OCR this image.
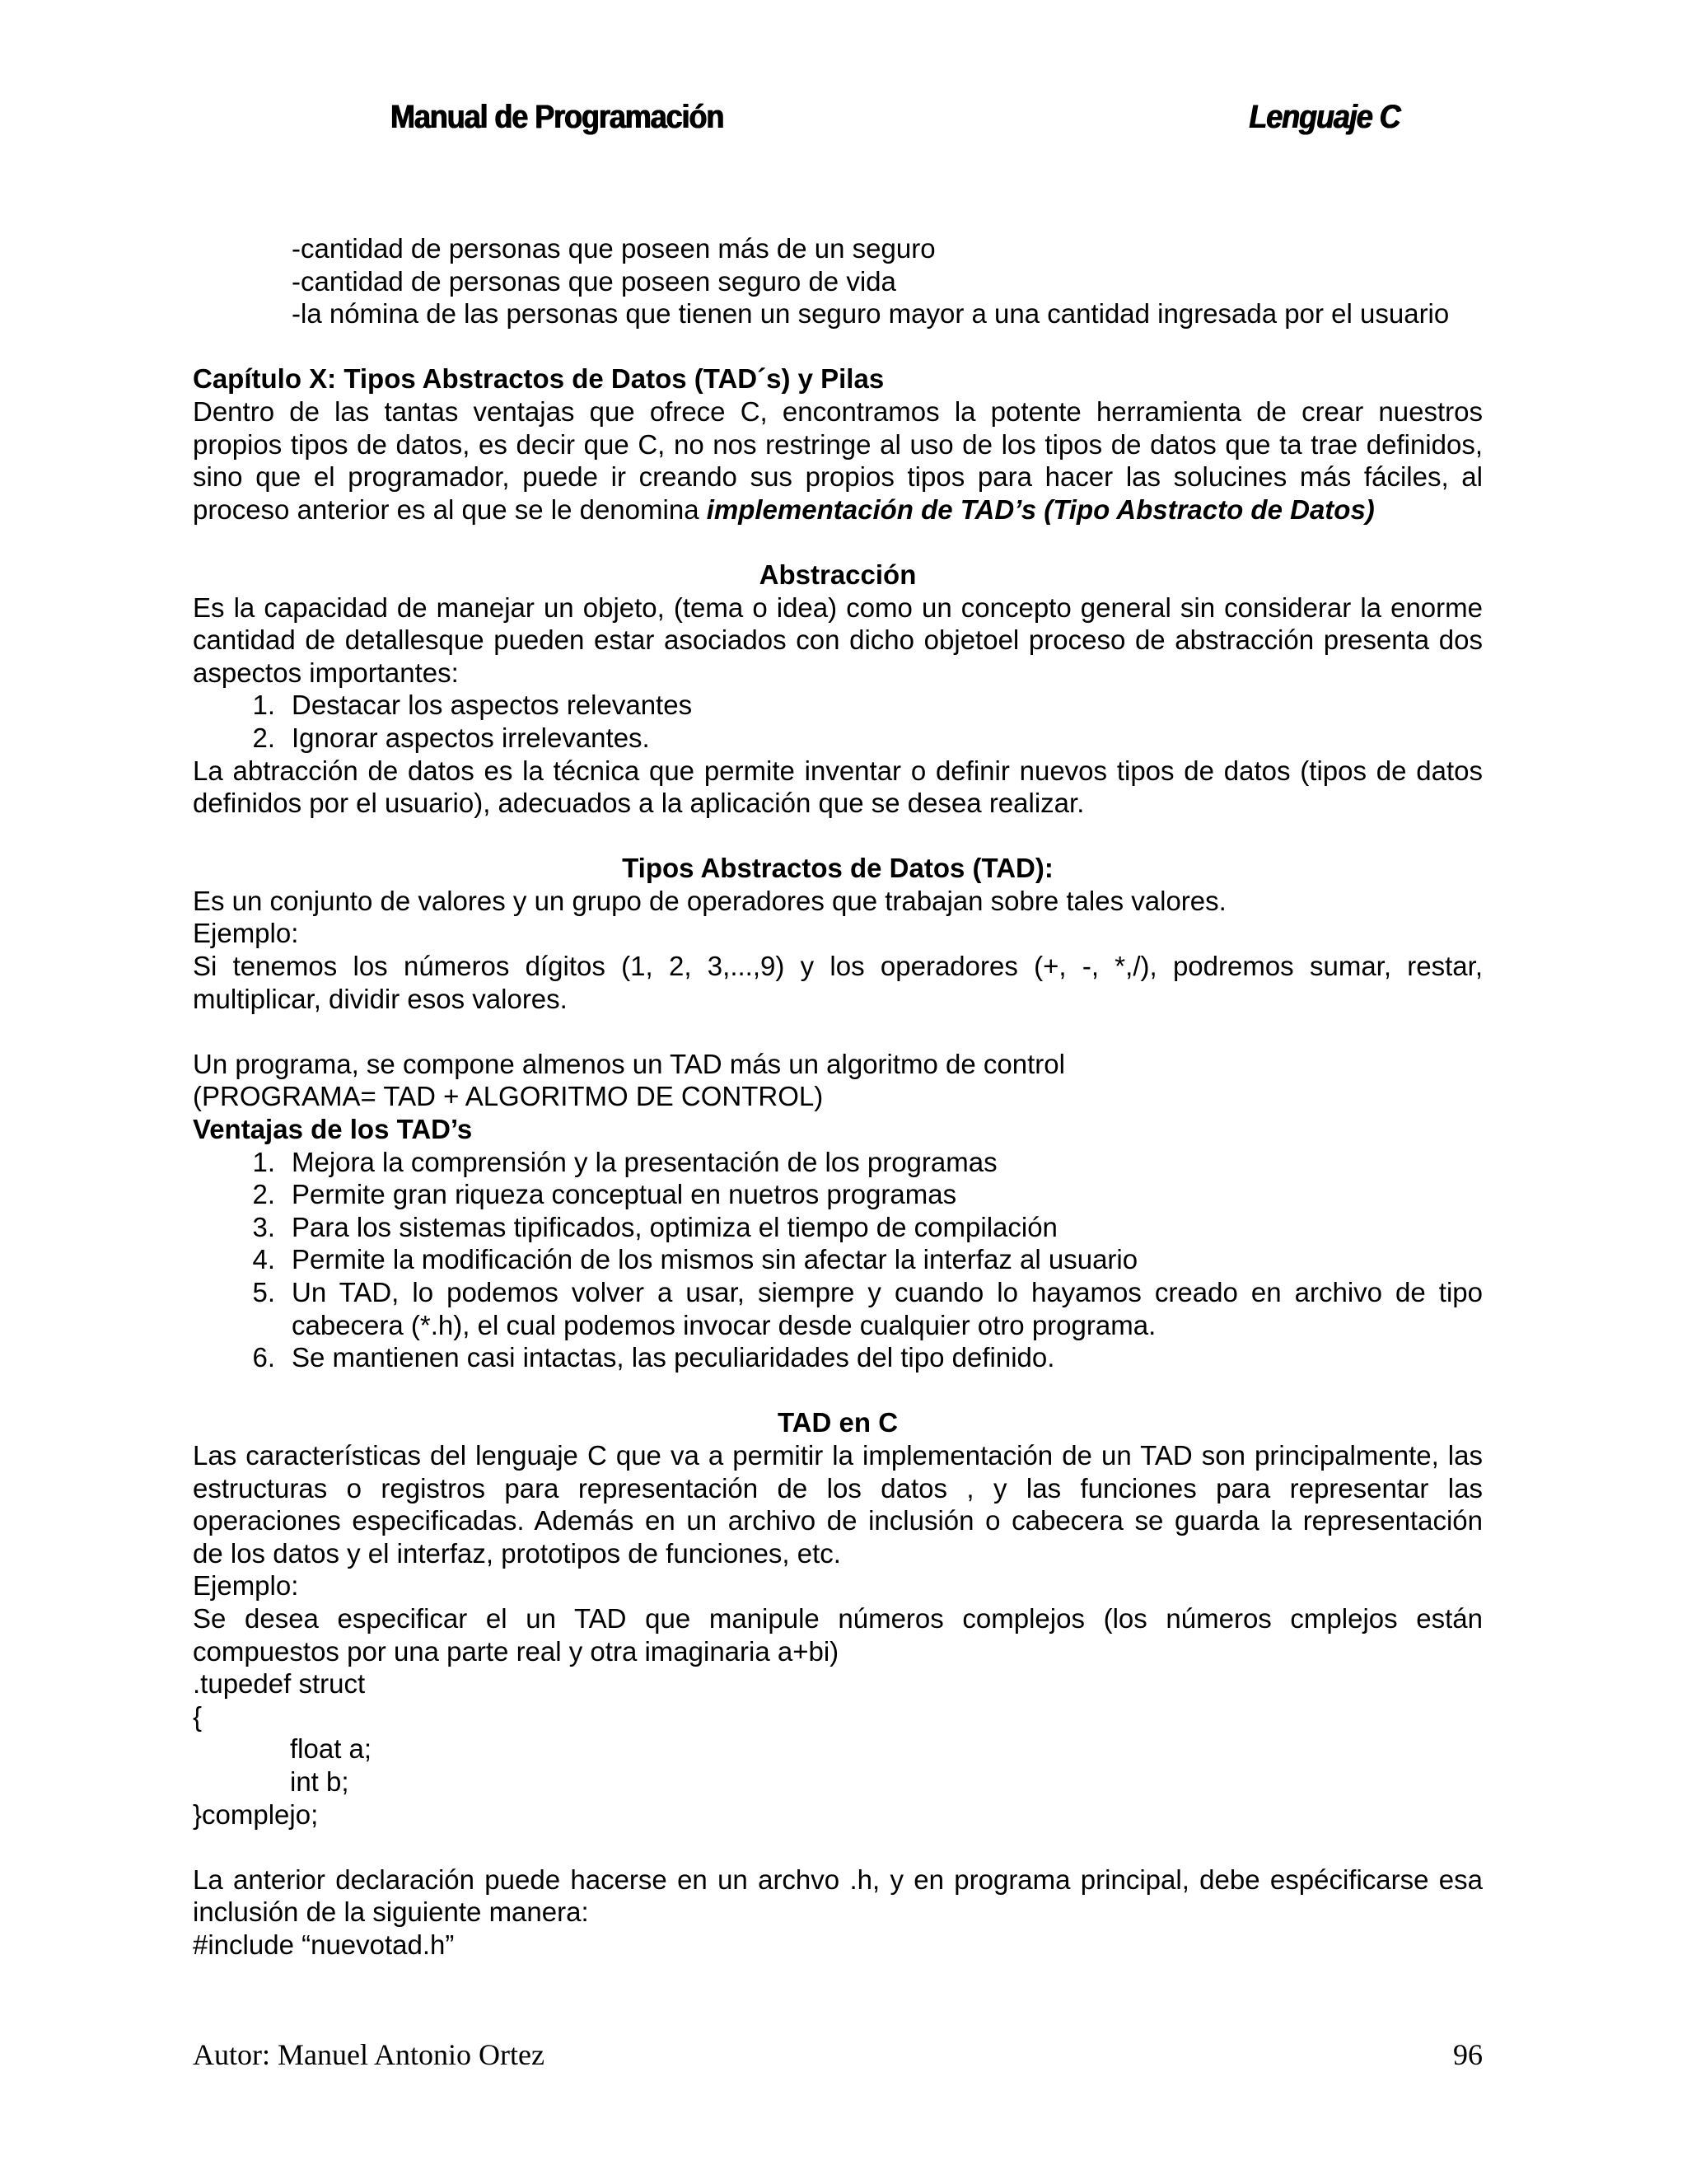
Manual de Programación	Lenguaje C

-cantidad de personas que poseen más de un seguro

-cantidad de personas que poseen seguro de vida

-la nómina de las personas que tienen un seguro mayor a una cantidad ingresada por el usuario

Capítulo X: Tipos Abstractos de Datos (TAD´s) y Pilas

Dentro de las tantas ventajas que ofrece C, encontramos la potente herramienta de crear nuestros

propios tipos de datos, es decir que C, no nos restringe al uso de los tipos de datos que ta trae definidos,

sino que el programador, puede ir creando sus propios tipos para hacer las solucines más fáciles, al

proceso anterior es al que se le denomina implementación de TAD’s (Tipo Abstracto de Datos)

Abstracción

Es la capacidad de manejar un objeto, (tema o idea) como un concepto general sin considerar la enorme

cantidad de detallesque pueden estar asociados con dicho objetoel proceso de abstracción presenta dos

aspectos importantes:

1. Destacar los aspectos relevantes
2. Ignorar aspectos irrelevantes.

La abtracción de datos es la técnica que permite inventar o definir nuevos tipos de datos (tipos de datos

definidos por el usuario), adecuados a la aplicación que se desea realizar.

Tipos Abstractos de Datos (TAD):

Es un conjunto de valores y un grupo de operadores que trabajan sobre tales valores.

Ejemplo:

Si tenemos los números dígitos (1, 2, 3,...,9) y los operadores (+, -, *,/), podremos sumar, restar,

multiplicar, dividir esos valores.

Un programa, se compone almenos un TAD más un algoritmo de control

(PROGRAMA= TAD + ALGORITMO DE CONTROL)

Ventajas de los TAD’s

1. Mejora la comprensión y la presentación de los programas
2. Permite gran riqueza conceptual en nuetros programas
3. Para los sistemas tipificados, optimiza el tiempo de compilación
4. Permite la modificación de los mismos sin afectar la interfaz al usuario
5. Un TAD, lo podemos volver a usar, siempre y cuando lo hayamos creado en archivo de tipo
cabecera (*.h), el cual podemos invocar desde cualquier otro programa.
6. Se mantienen casi intactas, las peculiaridades del tipo definido.

TAD en C

Las características del lenguaje C que va a permitir la implementación de un TAD son principalmente, las

estructuras o registros para representación de los datos , y las funciones para representar las

operaciones especificadas. Además en un archivo de inclusión o cabecera se guarda la representación

de los datos y el interfaz, prototipos de funciones, etc.

Ejemplo:

Se desea especificar el un TAD que manipule números complejos (los números cmplejos están

compuestos por una parte real y otra imaginaria a+bi)

.tupedef struct

{

float a;

int b;

}complejo;

La anterior declaración puede hacerse en un archvo .h, y en programa principal, debe espécificarse esa

inclusión de la siguiente manera:

#include “nuevotad.h”

Autor: Manuel Antonio Ortez	96
